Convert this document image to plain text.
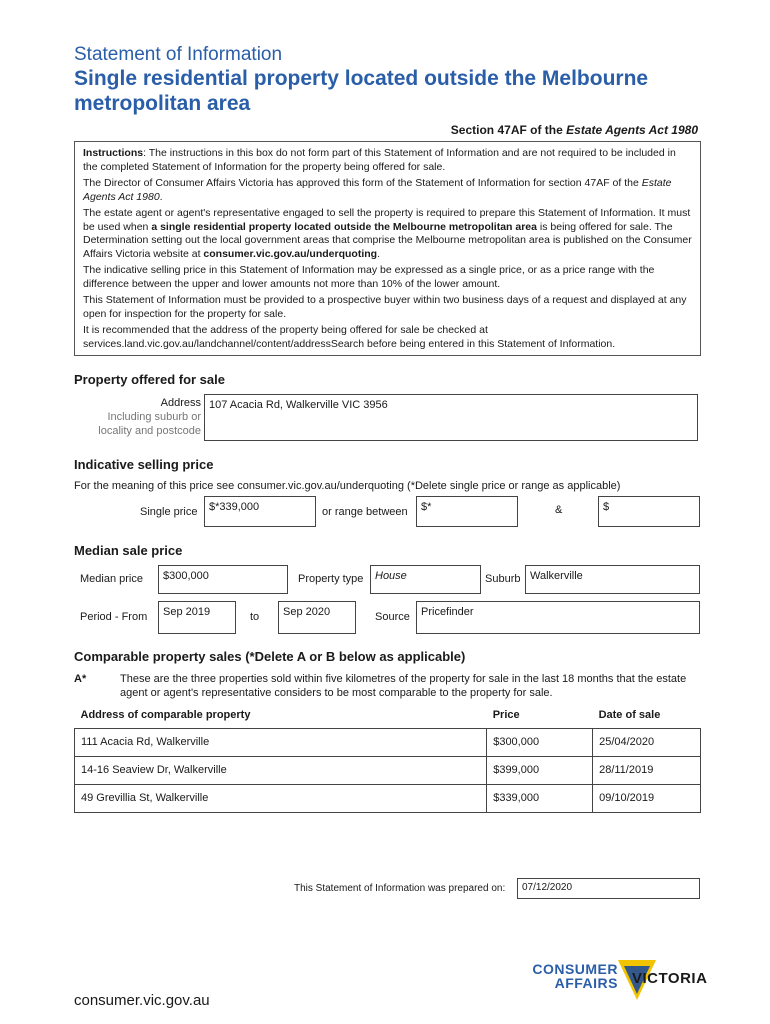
Statement of Information
Single residential property located outside the Melbourne metropolitan area
Section 47AF of the Estate Agents Act 1980

Instructions: The instructions in this box do not form part of this Statement of Information and are not required to be included in the completed Statement of Information for the property being offered for sale.

The Director of Consumer Affairs Victoria has approved this form of the Statement of Information for section 47AF of the Estate Agents Act 1980.

The estate agent or agent's representative engaged to sell the property is required to prepare this Statement of Information. It must be used when a single residential property located outside the Melbourne metropolitan area is being offered for sale. The Determination setting out the local government areas that comprise the Melbourne metropolitan area is published on the Consumer Affairs Victoria website at consumer.vic.gov.au/underquoting.

The indicative selling price in this Statement of Information may be expressed as a single price, or as a price range with the difference between the upper and lower amounts not more than 10% of the lower amount.

This Statement of Information must be provided to a prospective buyer within two business days of a request and displayed at any open for inspection for the property for sale.

It is recommended that the address of the property being offered for sale be checked at services.land.vic.gov.au/landchannel/content/addressSearch before being entered in this Statement of Information.

Property offered for sale
Address
Including suburb or
locality and postcode
107 Acacia Rd, Walkerville VIC 3956
Indicative selling price
For the meaning of this price see consumer.vic.gov.au/underquoting (*Delete single price or range as applicable)
Single price	$*339,000	or range between	$*	&	$
Median sale price
Median price	$300,000	Property type	House	Suburb Walkerville
Period - From	Sep 2019	to	Sep 2020	Source	Pricefinder
Comparable property sales (*Delete A or B below as applicable)
A*	These are the three properties sold within five kilometres of the property for sale in the last 18 months that the estate agent or agent's representative considers to be most comparable to the property for sale.
Address of comparable property	Price	Date of sale
111 Acacia Rd, Walkerville	$300,000	25/04/2020
14-16 Seaview Dr, Walkerville	$399,000	28/11/2019
49 Grevillia St, Walkerville	$339,000	09/10/2019
This Statement of Information was prepared on:	07/12/2020
CONSUMER
AFFAIRS VICTORIA
consumer.vic.gov.au
